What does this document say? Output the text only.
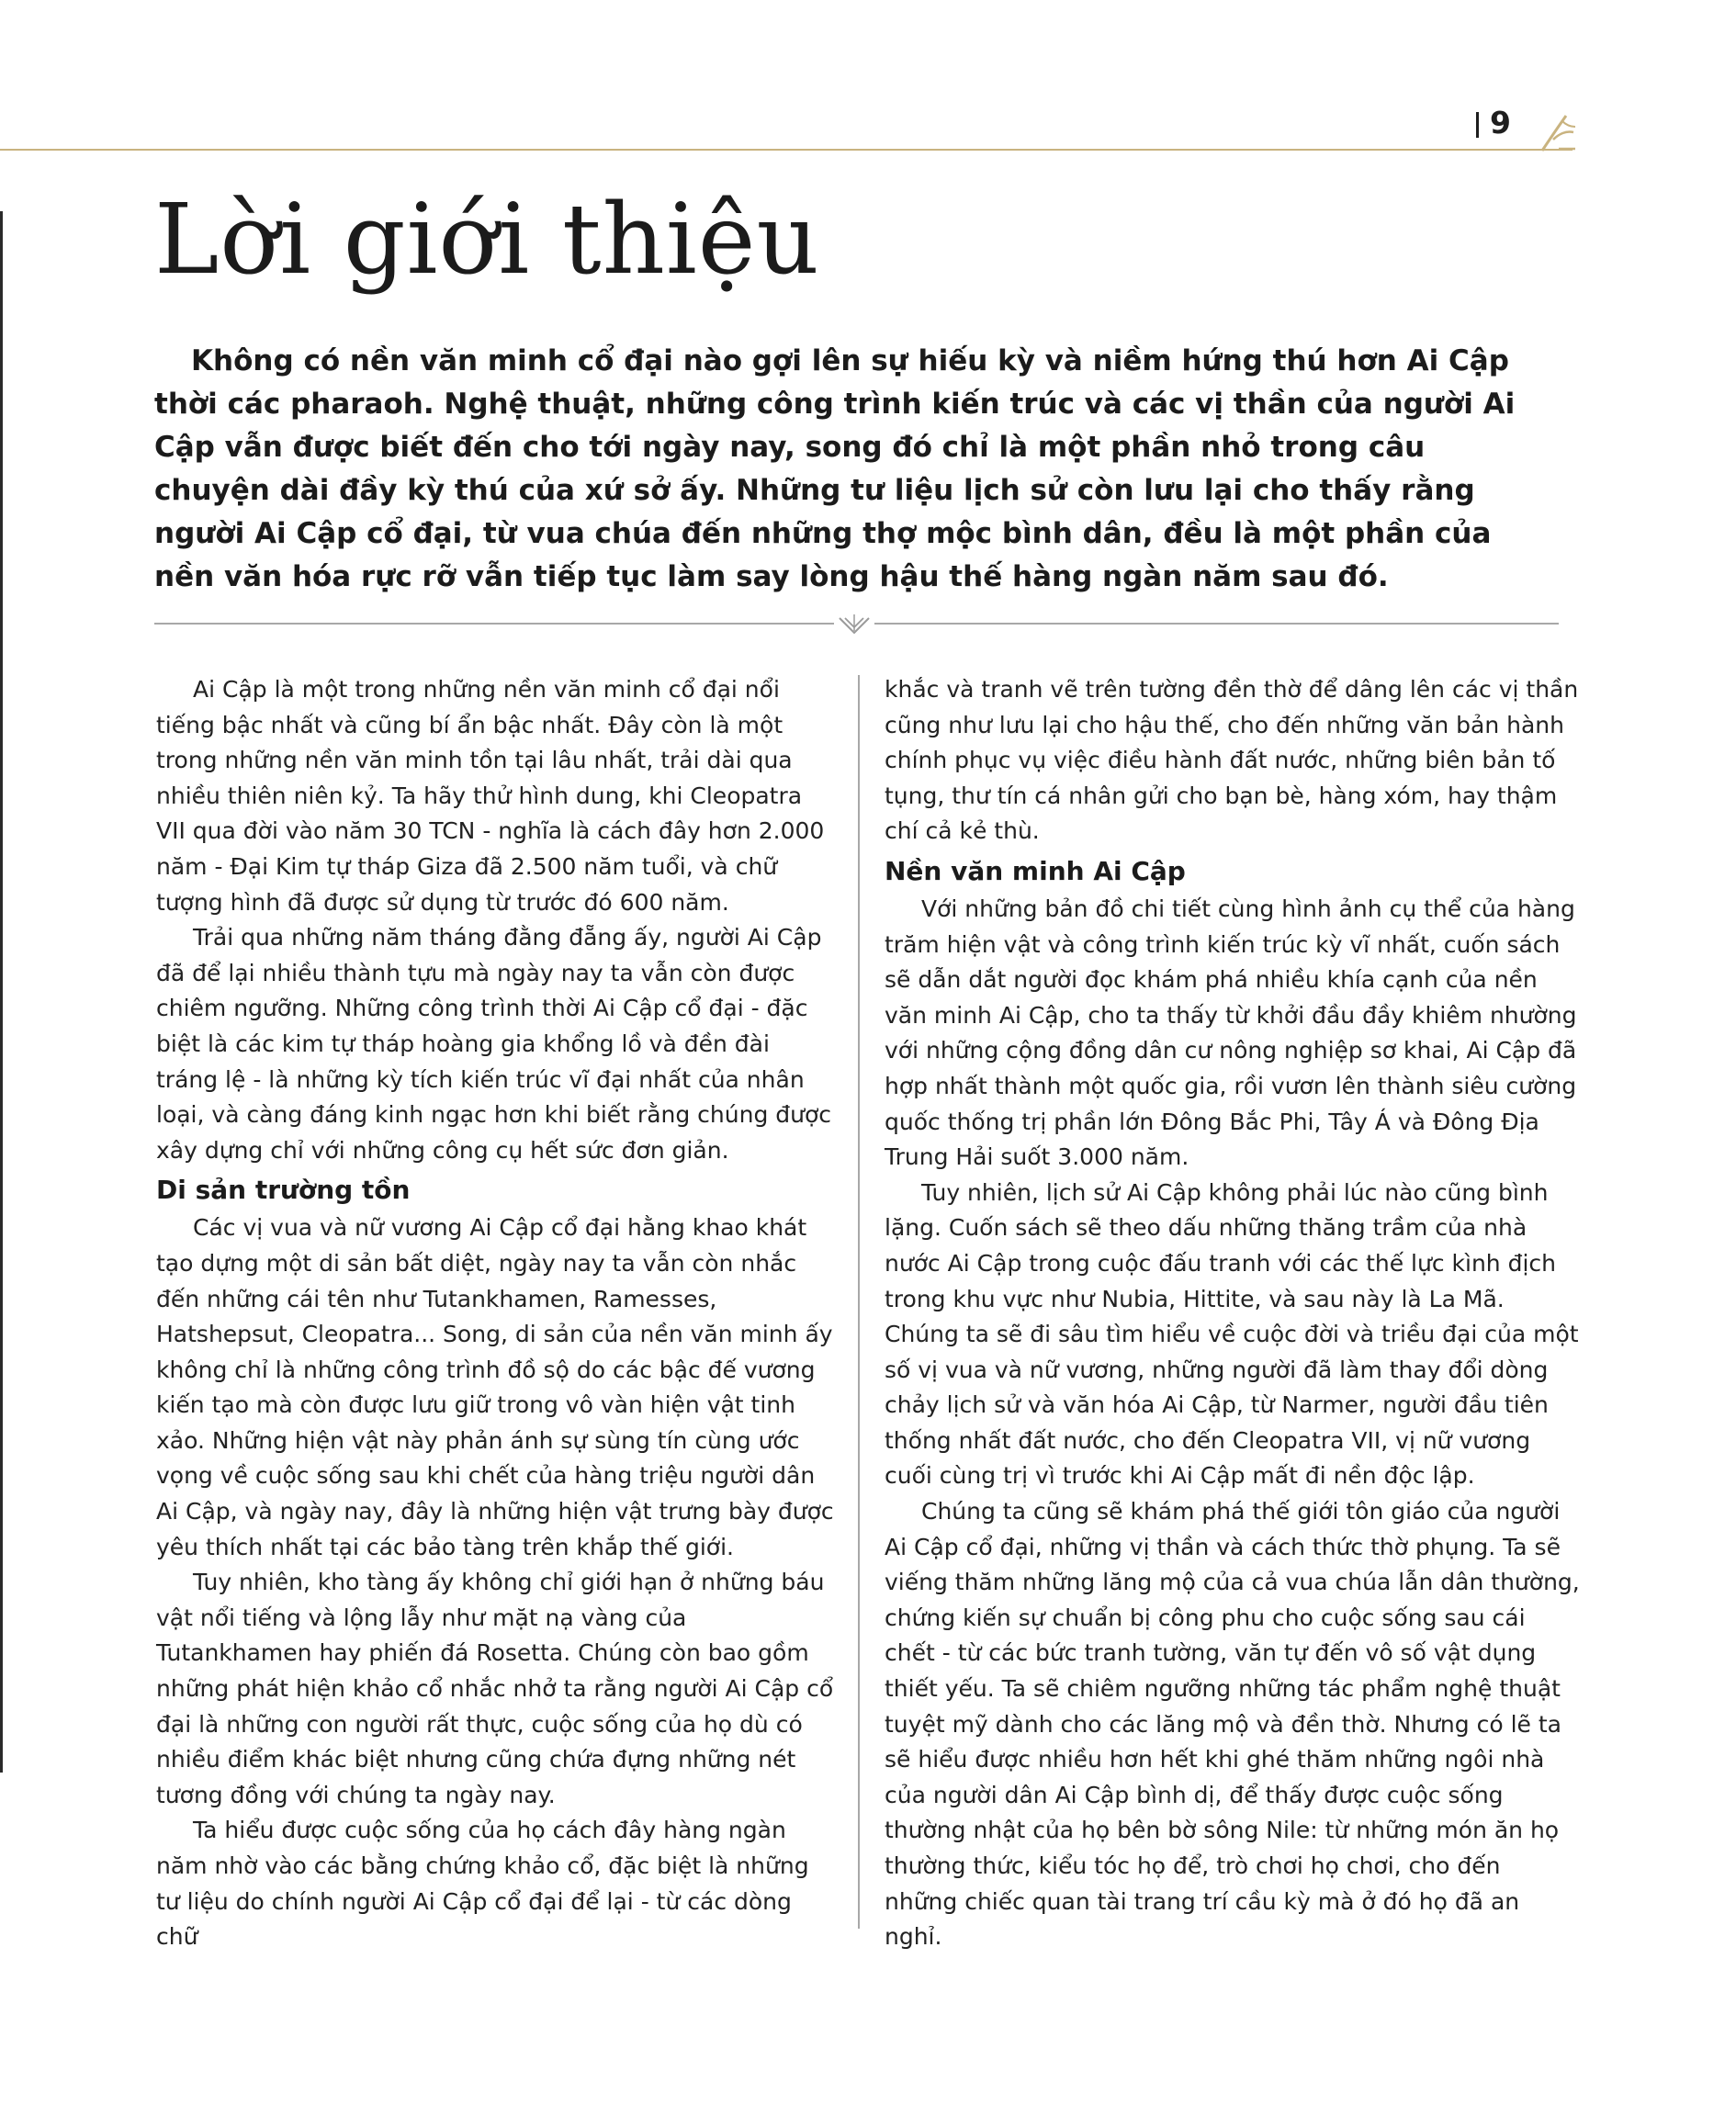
9
Lời giới thiệu

Không có nền văn minh cổ đại nào gợi lên sự hiếu kỳ và niềm hứng thú hơn Ai Cập thời các pharaoh. Nghệ thuật, những công trình kiến trúc và các vị thần của người Ai Cập vẫn được biết đến cho tới ngày nay, song đó chỉ là một phần nhỏ trong câu chuyện dài đầy kỳ thú của xứ sở ấy. Những tư liệu lịch sử còn lưu lại cho thấy rằng người Ai Cập cổ đại, từ vua chúa đến những thợ mộc bình dân, đều là một phần của nền văn hóa rực rỡ vẫn tiếp tục làm say lòng hậu thế hàng ngàn năm sau đó.

Ai Cập là một trong những nền văn minh cổ đại nổi tiếng bậc nhất và cũng bí ẩn bậc nhất. Đây còn là một trong những nền văn minh tồn tại lâu nhất, trải dài qua nhiều thiên niên kỷ. Ta hãy thử hình dung, khi Cleopatra VII qua đời vào năm 30 TCN - nghĩa là cách đây hơn 2.000 năm - Đại Kim tự tháp Giza đã 2.500 năm tuổi, và chữ tượng hình đã được sử dụng từ trước đó 600 năm.

Trải qua những năm tháng đằng đẵng ấy, người Ai Cập đã để lại nhiều thành tựu mà ngày nay ta vẫn còn được chiêm ngưỡng. Những công trình thời Ai Cập cổ đại - đặc biệt là các kim tự tháp hoàng gia khổng lồ và đền đài tráng lệ - là những kỳ tích kiến trúc vĩ đại nhất của nhân loại, và càng đáng kinh ngạc hơn khi biết rằng chúng được xây dựng chỉ với những công cụ hết sức đơn giản.

Di sản trường tồn

Các vị vua và nữ vương Ai Cập cổ đại hằng khao khát tạo dựng một di sản bất diệt, ngày nay ta vẫn còn nhắc đến những cái tên như Tutankhamen, Ramesses, Hatshepsut, Cleopatra... Song, di sản của nền văn minh ấy không chỉ là những công trình đồ sộ do các bậc đế vương kiến tạo mà còn được lưu giữ trong vô vàn hiện vật tinh xảo. Những hiện vật này phản ánh sự sùng tín cùng ước vọng về cuộc sống sau khi chết của hàng triệu người dân Ai Cập, và ngày nay, đây là những hiện vật trưng bày được yêu thích nhất tại các bảo tàng trên khắp thế giới.

Tuy nhiên, kho tàng ấy không chỉ giới hạn ở những báu vật nổi tiếng và lộng lẫy như mặt nạ vàng của Tutankhamen hay phiến đá Rosetta. Chúng còn bao gồm những phát hiện khảo cổ nhắc nhở ta rằng người Ai Cập cổ đại là những con người rất thực, cuộc sống của họ dù có nhiều điểm khác biệt nhưng cũng chứa đựng những nét tương đồng với chúng ta ngày nay.

Ta hiểu được cuộc sống của họ cách đây hàng ngàn năm nhờ vào các bằng chứng khảo cổ, đặc biệt là những tư liệu do chính người Ai Cập cổ đại để lại - từ các dòng chữ

khắc và tranh vẽ trên tường đền thờ để dâng lên các vị thần cũng như lưu lại cho hậu thế, cho đến những văn bản hành chính phục vụ việc điều hành đất nước, những biên bản tố tụng, thư tín cá nhân gửi cho bạn bè, hàng xóm, hay thậm chí cả kẻ thù.

Nền văn minh Ai Cập

Với những bản đồ chi tiết cùng hình ảnh cụ thể của hàng trăm hiện vật và công trình kiến trúc kỳ vĩ nhất, cuốn sách sẽ dẫn dắt người đọc khám phá nhiều khía cạnh của nền văn minh Ai Cập, cho ta thấy từ khởi đầu đầy khiêm nhường với những cộng đồng dân cư nông nghiệp sơ khai, Ai Cập đã hợp nhất thành một quốc gia, rồi vươn lên thành siêu cường quốc thống trị phần lớn Đông Bắc Phi, Tây Á và Đông Địa Trung Hải suốt 3.000 năm.

Tuy nhiên, lịch sử Ai Cập không phải lúc nào cũng bình lặng. Cuốn sách sẽ theo dấu những thăng trầm của nhà nước Ai Cập trong cuộc đấu tranh với các thế lực kình địch trong khu vực như Nubia, Hittite, và sau này là La Mã. Chúng ta sẽ đi sâu tìm hiểu về cuộc đời và triều đại của một số vị vua và nữ vương, những người đã làm thay đổi dòng chảy lịch sử và văn hóa Ai Cập, từ Narmer, người đầu tiên thống nhất đất nước, cho đến Cleopatra VII, vị nữ vương cuối cùng trị vì trước khi Ai Cập mất đi nền độc lập.

Chúng ta cũng sẽ khám phá thế giới tôn giáo của người Ai Cập cổ đại, những vị thần và cách thức thờ phụng. Ta sẽ viếng thăm những lăng mộ của cả vua chúa lẫn dân thường, chứng kiến sự chuẩn bị công phu cho cuộc sống sau cái chết - từ các bức tranh tường, văn tự đến vô số vật dụng thiết yếu. Ta sẽ chiêm ngưỡng những tác phẩm nghệ thuật tuyệt mỹ dành cho các lăng mộ và đền thờ. Nhưng có lẽ ta sẽ hiểu được nhiều hơn hết khi ghé thăm những ngôi nhà của người dân Ai Cập bình dị, để thấy được cuộc sống thường nhật của họ bên bờ sông Nile: từ những món ăn họ thường thức, kiểu tóc họ để, trò chơi họ chơi, cho đến những chiếc quan tài trang trí cầu kỳ mà ở đó họ đã an nghỉ.
